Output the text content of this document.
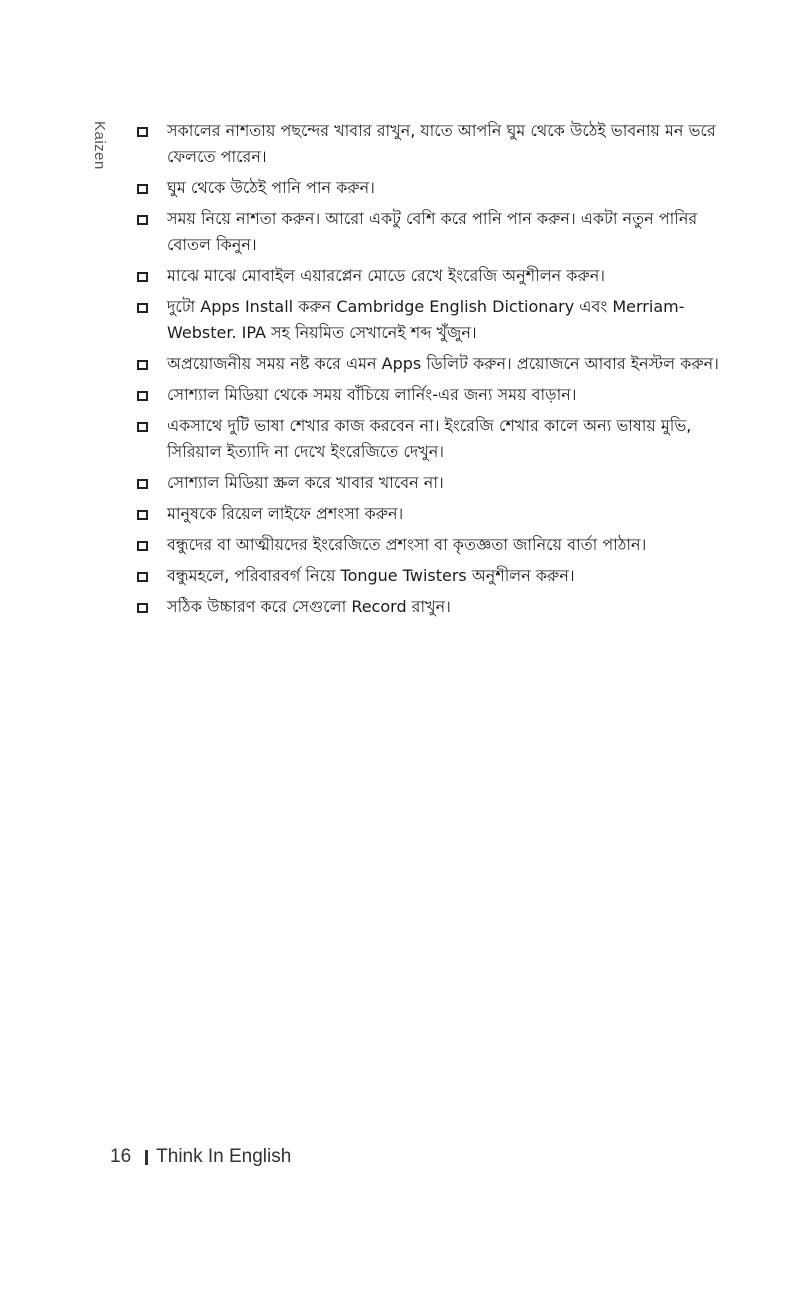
Kaizen	সকালের নাশতায় পছন্দের খাবার রাখুন, যাতে আপনি ঘুম থেকে উঠেই ভাবনায় মন ভরে ফেলতে পারেন।
ঘুম থেকে উঠেই পানি পান করুন।
সময় নিয়ে নাশতা করুন। আরো একটু বেশি করে পানি পান করুন। একটা নতুন পানির বোতল কিনুন।
মাঝে মাঝে মোবাইল এয়ারপ্লেন মোডে রেখে ইংরেজি অনুশীলন করুন।
দুটো Apps Install করুন Cambridge English Dictionary এবং Merriam-Webster. IPA সহ নিয়মিত সেখানেই শব্দ খুঁজুন।
অপ্রয়োজনীয় সময় নষ্ট করে এমন Apps ডিলিট করুন। প্রয়োজনে আবার ইনস্টল করুন।
সোশ্যাল মিডিয়া থেকে সময় বাঁচিয়ে লার্নিং-এর জন্য সময় বাড়ান।
একসাথে দুটি ভাষা শেখার কাজ করবেন না। ইংরেজি শেখার কালে অন্য ভাষায় মুভি, সিরিয়াল ইত্যাদি না দেখে ইংরেজিতে দেখুন।
সোশ্যাল মিডিয়া স্ক্রল করে খাবার খাবেন না।
মানুষকে রিয়েল লাইফে প্রশংসা করুন।
বন্ধুদের বা আত্মীয়দের ইংরেজিতে প্রশংসা বা কৃতজ্ঞতা জানিয়ে বার্তা পাঠান।
বন্ধুমহলে, পরিবারবর্গ নিয়ে Tongue Twisters অনুশীলন করুন।
সঠিক উচ্চারণ করে সেগুলো Record রাখুন।
16 Think In English
